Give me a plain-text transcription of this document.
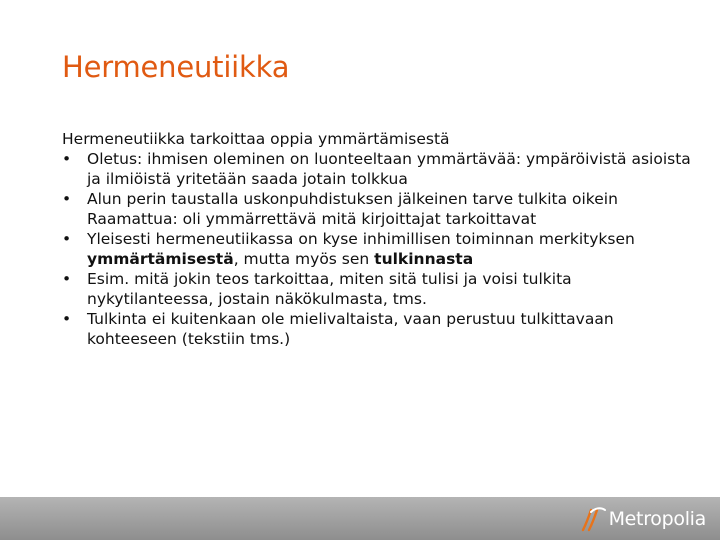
Hermeneutiikka
Hermeneutiikka tarkoittaa oppia ymmärtämisestä
•	Oletus: ihmisen oleminen on luonteeltaan ymmärtävää: ympäröivistä asioista ja ilmiöistä yritetään saada jotain tolkkua
•	Alun perin taustalla uskonpuhdistuksen jälkeinen tarve tulkita oikein Raamattua: oli ymmärrettävä mitä kirjoittajat tarkoittavat
•	Yleisesti hermeneutiikassa on kyse inhimillisen toiminnan merkityksen ymmärtämisestä, mutta myös sen tulkinnasta
•	Esim. mitä jokin teos tarkoittaa, miten sitä tulisi ja voisi tulkita nykytilanteessa, jostain näkökulmasta, tms.
•	Tulkinta ei kuitenkaan ole mielivaltaista, vaan perustuu tulkittavaan kohteeseen (tekstiin tms.)
Metropolia
